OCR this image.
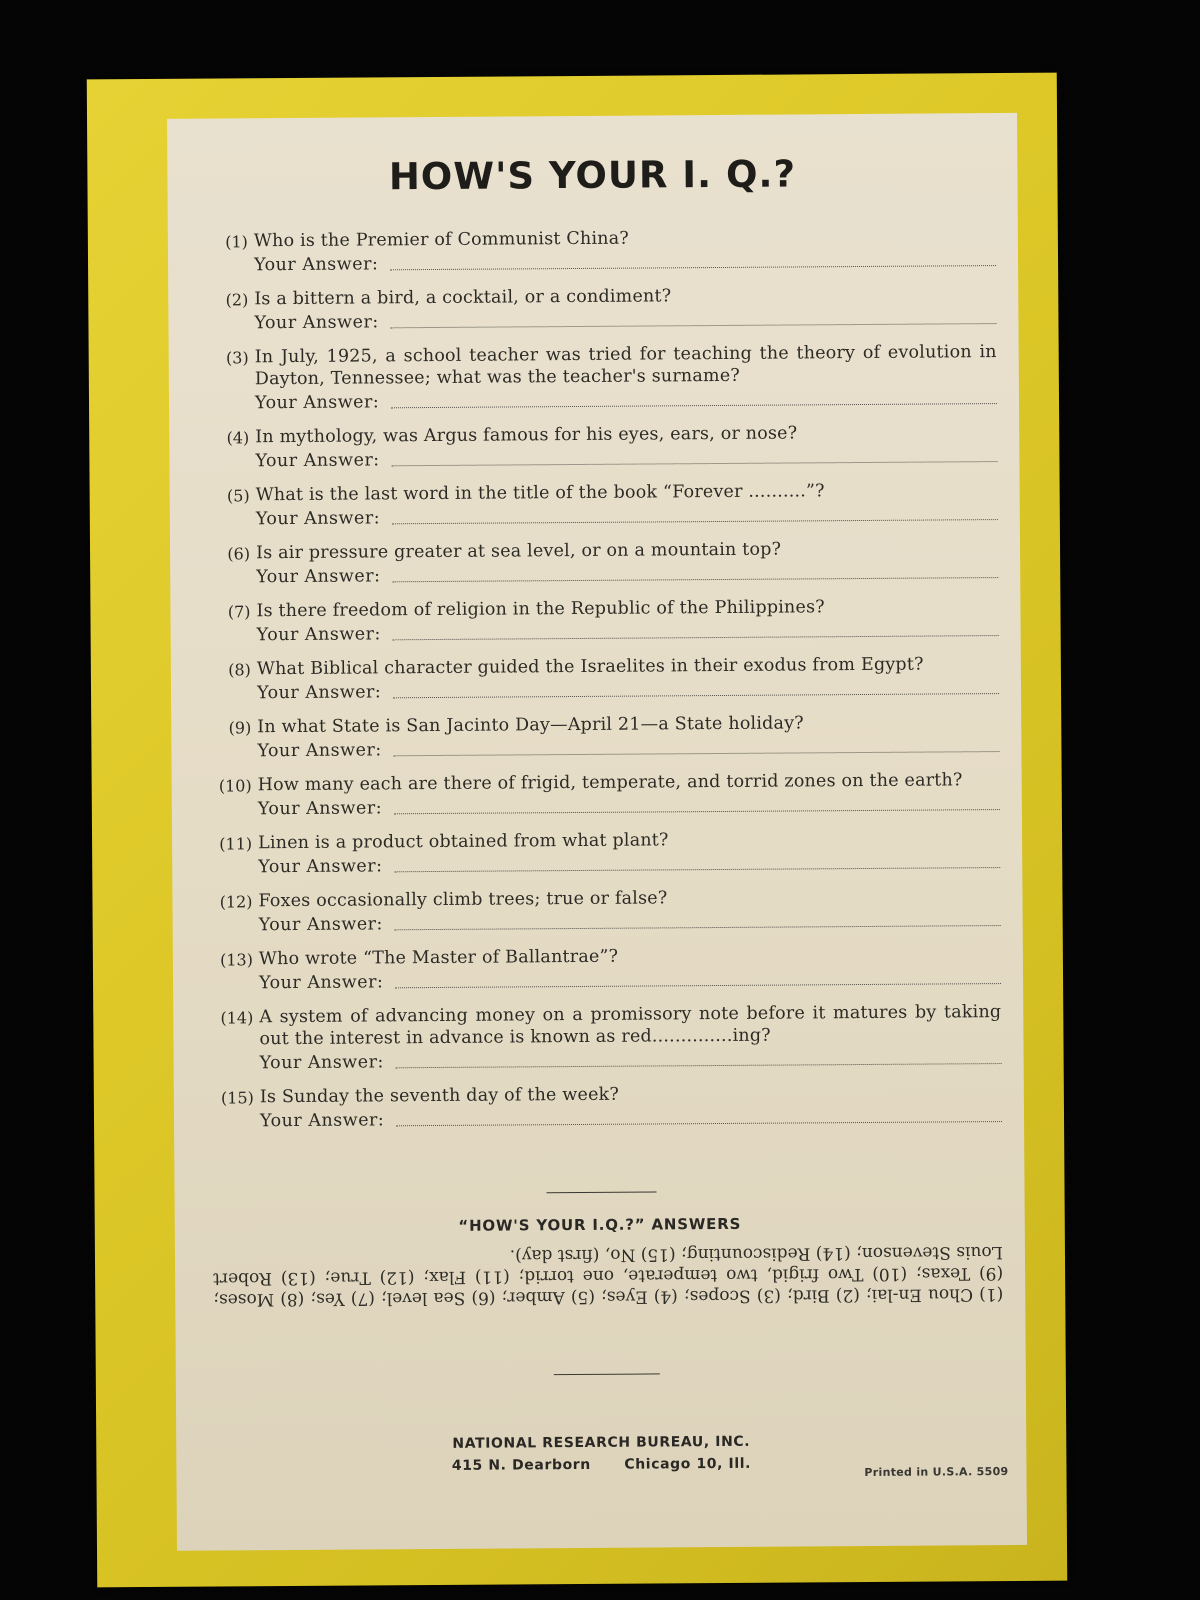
HOW'S YOUR I. Q.?
(1) Who is the Premier of Communist China?
Your Answer:
(2) Is a bittern a bird, a cocktail, or a condiment?
Your Answer:
(3) In July, 1925, a school teacher was tried for teaching the theory of evolution in Dayton, Tennessee; what was the teacher's surname?
Your Answer:
(4) In mythology, was Argus famous for his eyes, ears, or nose?
Your Answer:
(5) What is the last word in the title of the book “Forever ..........”?
Your Answer:
(6) Is air pressure greater at sea level, or on a mountain top?
Your Answer:
(7) Is there freedom of religion in the Republic of the Philippines?
Your Answer:
(8) What Biblical character guided the Israelites in their exodus from Egypt?
Your Answer:
(9) In what State is San Jacinto Day—April 21—a State holiday?
Your Answer:
(10) How many each are there of frigid, temperate, and torrid zones on the earth?
Your Answer:
(11) Linen is a product obtained from what plant?
Your Answer:
(12) Foxes occasionally climb trees; true or false?
Your Answer:
(13) Who wrote “The Master of Ballantrae”?
Your Answer:
(14) A system of advancing money on a promissory note before it matures by taking out the interest in advance is known as red..............ing?
Your Answer:
(15) Is Sunday the seventh day of the week?
Your Answer:
“HOW'S YOUR I.Q.?” ANSWERS
(1) Chou En-lai; (2) Bird; (3) Scopes; (4) Eyes; (5) Amber; (6) Sea level; (7) Yes; (8) Moses; (9) Texas; (10) Two frigid, two temperate, one torrid; (11) Flax; (12) True; (13) Robert Louis Stevenson; (14) Rediscounting; (15) No, (first day).
NATIONAL RESEARCH BUREAU, INC.
415 N. Dearborn Chicago 10, Ill.	Printed in U.S.A. 5509
